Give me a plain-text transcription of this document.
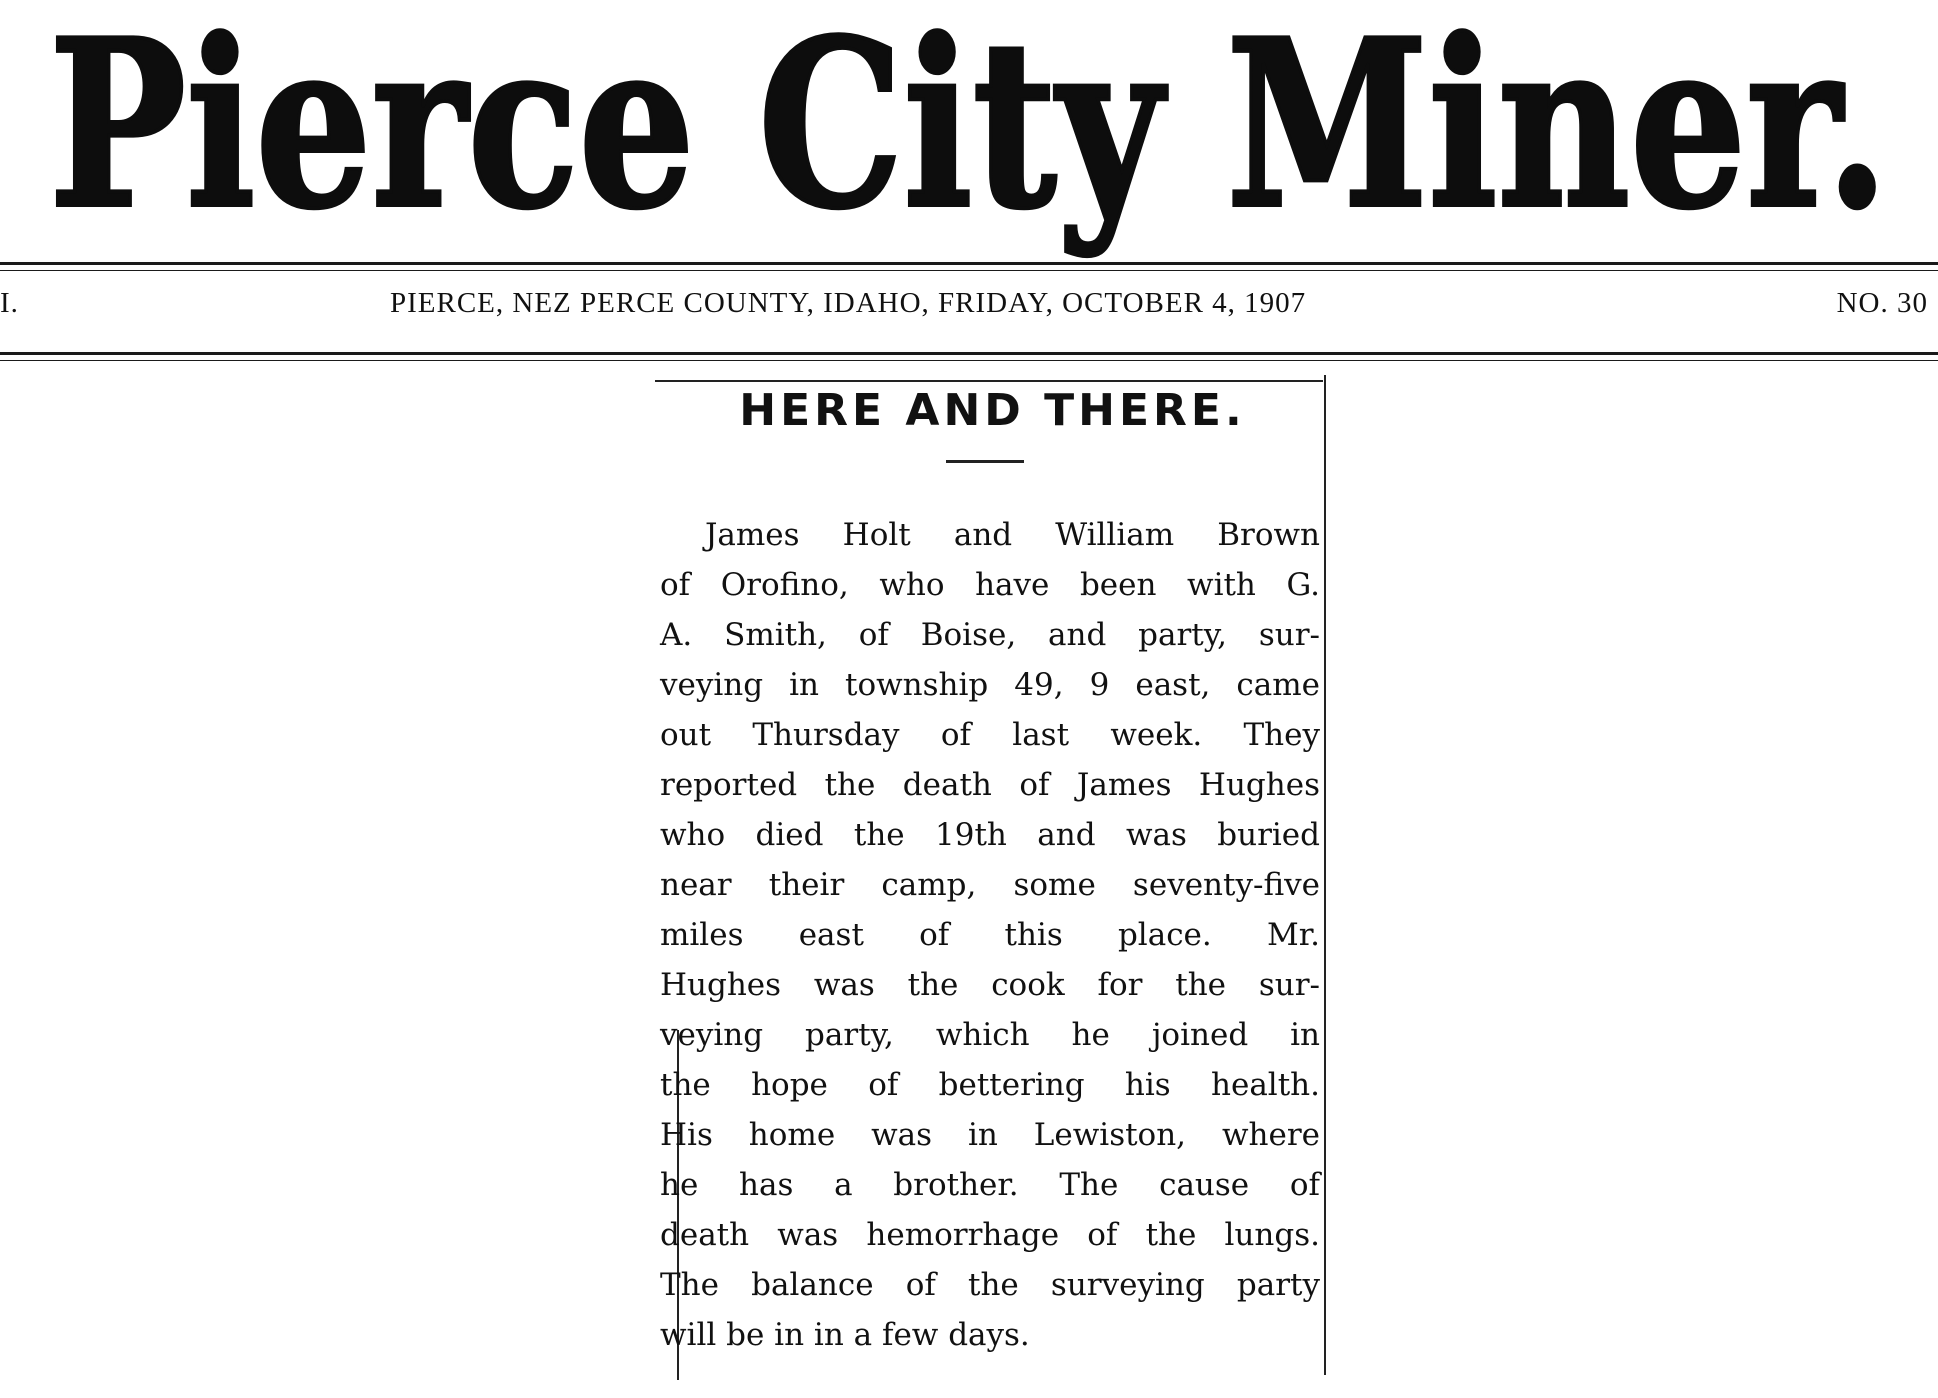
Pierce City Miner.
I.	PIERCE, NEZ PERCE COUNTY, IDAHO, FRIDAY, OCTOBER 4, 1907	NO. 30
HERE AND THERE.
James Holt and William Brown
of Orofino, who have been with G.
A. Smith, of Boise, and party, sur-
veying in township 49, 9 east, came
out Thursday of last week. They
reported the death of James Hughes
who died the 19th and was buried
near their camp, some seventy-five
miles east of this place. Mr.
Hughes was the cook for the sur-
veying party, which he joined in
the hope of bettering his health.
His home was in Lewiston, where
he has a brother. The cause of
death was hemorrhage of the lungs.
The balance of the surveying party
will be in in a few days.
